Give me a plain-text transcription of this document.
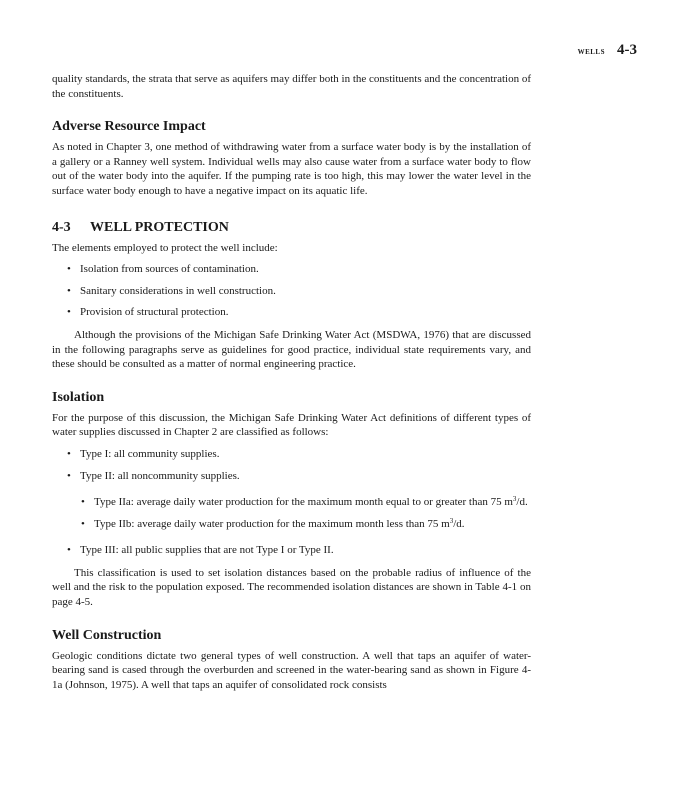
WELLS 4-3

quality standards, the strata that serve as aquifers may differ both in the constituents and the concentration of the constituents.

Adverse Resource Impact

As noted in Chapter 3, one method of withdrawing water from a surface water body is by the installation of a gallery or a Ranney well system. Individual wells may also cause water from a surface water body to flow out of the water body into the aquifer. If the pumping rate is too high, this may lower the water level in the surface water body enough to have a negative impact on its aquatic life.

4-3	WELL PROTECTION

The elements employed to protect the well include:

• Isolation from sources of contamination.
• Sanitary considerations in well construction.
• Provision of structural protection.

Although the provisions of the Michigan Safe Drinking Water Act (MSDWA, 1976) that are discussed in the following paragraphs serve as guidelines for good practice, individual state requirements vary, and these should be consulted as a matter of normal engineering practice.

Isolation

For the purpose of this discussion, the Michigan Safe Drinking Water Act definitions of different types of water supplies discussed in Chapter 2 are classified as follows:

• Type I: all community supplies.
• Type II: all noncommunity supplies.
• Type IIa: average daily water production for the maximum month equal to or greater than 75 $m^3/d$.
• Type IIb: average daily water production for the maximum month less than 75 $m^3/d$.
• Type III: all public supplies that are not Type I or Type II.

This classification is used to set isolation distances based on the probable radius of influence of the well and the risk to the population exposed. The recommended isolation distances are shown in Table 4-1 on page 4-5.

Well Construction

Geologic conditions dictate two general types of well construction. A well that taps an aquifer of water-bearing sand is cased through the overburden and screened in the water-bearing sand as shown in Figure 4-1a (Johnson, 1975). A well that taps an aquifer of consolidated rock consists
